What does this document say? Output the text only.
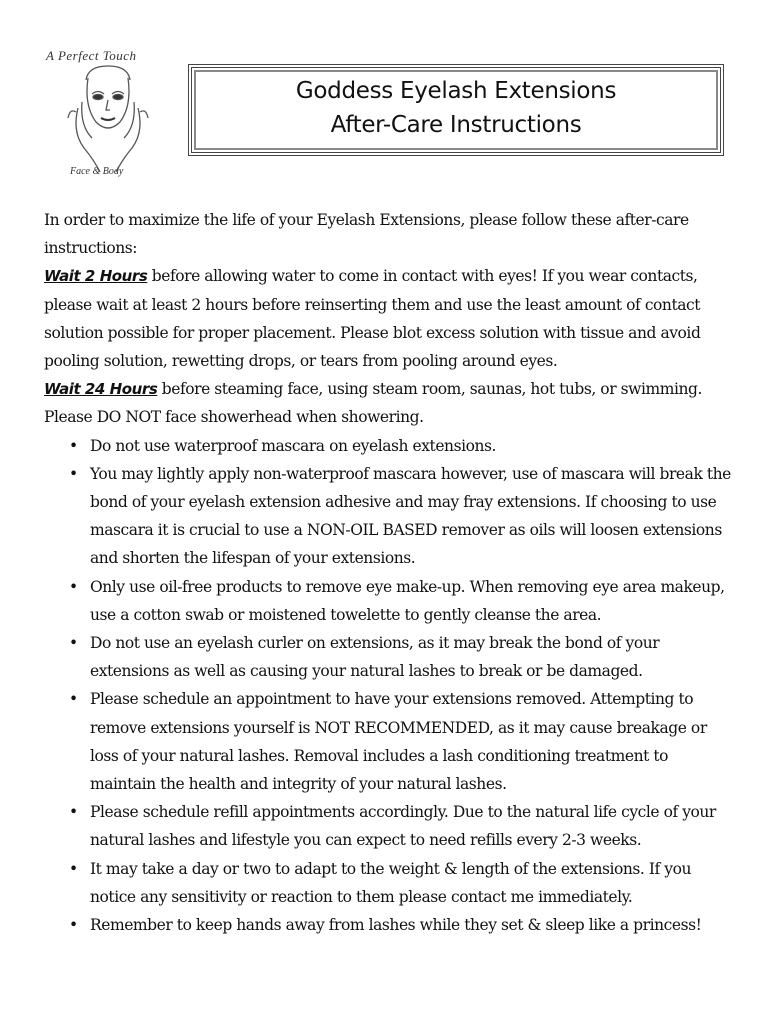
A Perfect Touch
Face & Body
Goddess Eyelash Extensions
After-Care Instructions

In order to maximize the life of your Eyelash Extensions, please follow these after-care instructions:

Wait 2 Hours before allowing water to come in contact with eyes! If you wear contacts, please wait at least 2 hours before reinserting them and use the least amount of contact solution possible for proper placement. Please blot excess solution with tissue and avoid pooling solution, rewetting drops, or tears from pooling around eyes.

Wait 24 Hours before steaming face, using steam room, saunas, hot tubs, or swimming. Please DO NOT face showerhead when showering.

• Do not use waterproof mascara on eyelash extensions.
• You may lightly apply non-waterproof mascara however, use of mascara will break the bond of your eyelash extension adhesive and may fray extensions. If choosing to use mascara it is crucial to use a NON-OIL BASED remover as oils will loosen extensions and shorten the lifespan of your extensions.
• Only use oil-free products to remove eye make-up. When removing eye area makeup, use a cotton swab or moistened towelette to gently cleanse the area.
• Do not use an eyelash curler on extensions, as it may break the bond of your extensions as well as causing your natural lashes to break or be damaged.
• Please schedule an appointment to have your extensions removed. Attempting to remove extensions yourself is NOT RECOMMENDED, as it may cause breakage or loss of your natural lashes. Removal includes a lash conditioning treatment to maintain the health and integrity of your natural lashes.
• Please schedule refill appointments accordingly. Due to the natural life cycle of your natural lashes and lifestyle you can expect to need refills every 2-3 weeks.
• It may take a day or two to adapt to the weight & length of the extensions. If you notice any sensitivity or reaction to them please contact me immediately.
• Remember to keep hands away from lashes while they set & sleep like a princess!
